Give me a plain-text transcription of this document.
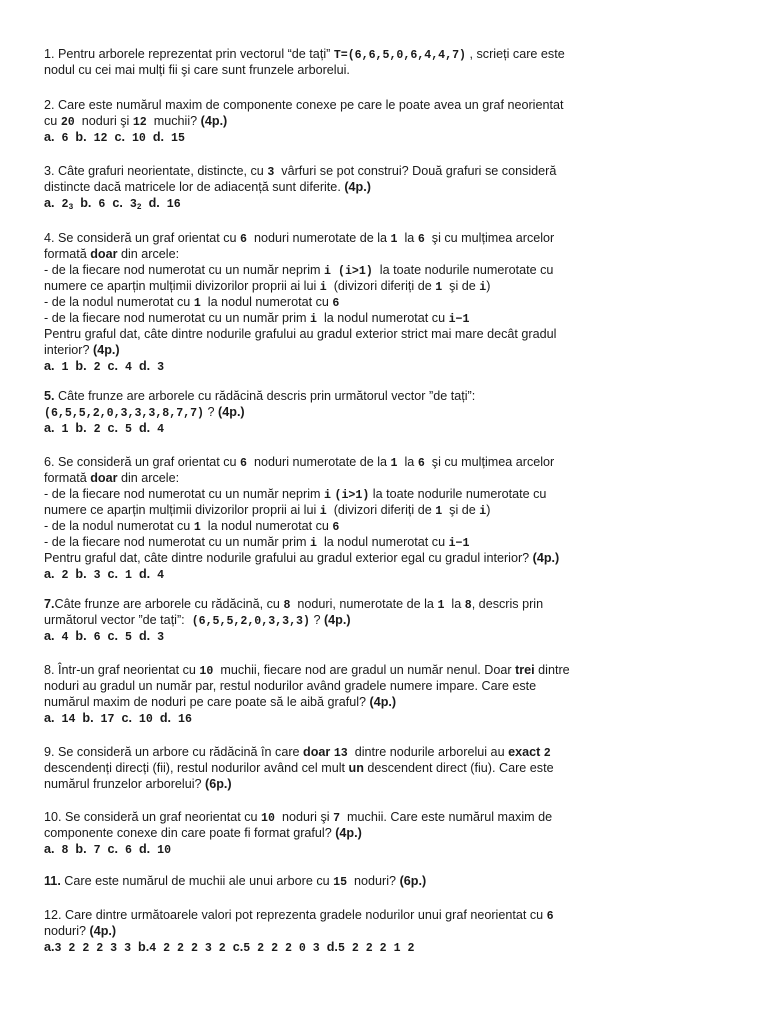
1. Pentru arborele reprezentat prin vectorul “de tați” T=(6,6,5,0,6,4,4,7) , scrieți care este
nodul cu cei mai mulți fii şi care sunt frunzele arborelui.
2. Care este numărul maxim de componente conexe pe care le poate avea un graf neorientat
cu 20  noduri şi 12  muchii? (4p.)
a. 6 b. 12 c. 10 d. 15
3. Câte grafuri neorientate, distincte, cu 3  vârfuri se pot construi? Două grafuri se consideră
distincte dacă matricele lor de adiacență sunt diferite. (4p.)
a. $2_3$ b. 6 c. $3_2$ d. 16
4. Se consideră un graf orientat cu 6  noduri numerotate de la 1  la 6  şi cu mulțimea arcelor
formată doar din arcele:
- de la fiecare nod numerotat cu un număr neprim i (i>1)  la toate nodurile numerotate cu
numere ce aparțin mulțimii divizorilor proprii ai lui i  (divizori diferiți de 1  şi de i)
- de la nodul numerotat cu 1  la nodul numerotat cu 6
- de la fiecare nod numerotat cu un număr prim i  la nodul numerotat cu i−1
Pentru graful dat, câte dintre nodurile grafului au gradul exterior strict mai mare decât gradul
interior? (4p.)
a. 1 b. 2 c. 4 d. 3
5. Câte frunze are arborele cu rădăcină descris prin următorul vector ”de tați”:
(6,5,5,2,0,3,3,3,8,7,7) ? (4p.)
a. 1 b. 2 c. 5 d. 4
6. Se consideră un graf orientat cu 6  noduri numerotate de la 1  la 6  şi cu mulțimea arcelor
formată doar din arcele:
- de la fiecare nod numerotat cu un număr neprim i (i>1) la toate nodurile numerotate cu
numere ce aparțin mulțimii divizorilor proprii ai lui i  (divizori diferiți de 1  şi de i)
- de la nodul numerotat cu 1  la nodul numerotat cu 6
- de la fiecare nod numerotat cu un număr prim i  la nodul numerotat cu i−1
Pentru graful dat, câte dintre nodurile grafului au gradul exterior egal cu gradul interior? (4p.)
a. 2 b. 3 c. 1 d. 4
7.Câte frunze are arborele cu rădăcină, cu 8  noduri, numerotate de la 1  la 8, descris prin
următorul vector ”de tați”:  (6,5,5,2,0,3,3,3) ? (4p.)
a. 4 b. 6 c. 5 d. 3
8. Într-un graf neorientat cu 10  muchii, fiecare nod are gradul un număr nenul. Doar trei dintre
noduri au gradul un număr par, restul nodurilor având gradele numere impare. Care este
numărul maxim de noduri pe care poate să le aibă graful? (4p.)
a. 14 b. 17 c. 10 d. 16
9. Se consideră un arbore cu rădăcină în care doar 13  dintre nodurile arborelui au exact 2
descendenți direcți (fii), restul nodurilor având cel mult un descendent direct (fiu). Care este
numărul frunzelor arborelui? (6p.)
10. Se consideră un graf neorientat cu 10  noduri şi 7  muchii. Care este numărul maxim de
componente conexe din care poate fi format graful? (4p.)
a. 8 b. 7 c. 6 d. 10
11. Care este numărul de muchii ale unui arbore cu 15  noduri? (6p.)
12. Care dintre următoarele valori pot reprezenta gradele nodurilor unui graf neorientat cu 6
noduri? (4p.)
a.3 2 2 2 3 3 b.4 2 2 2 3 2 c.5 2 2 2 0 3 d.5 2 2 2 1 2
